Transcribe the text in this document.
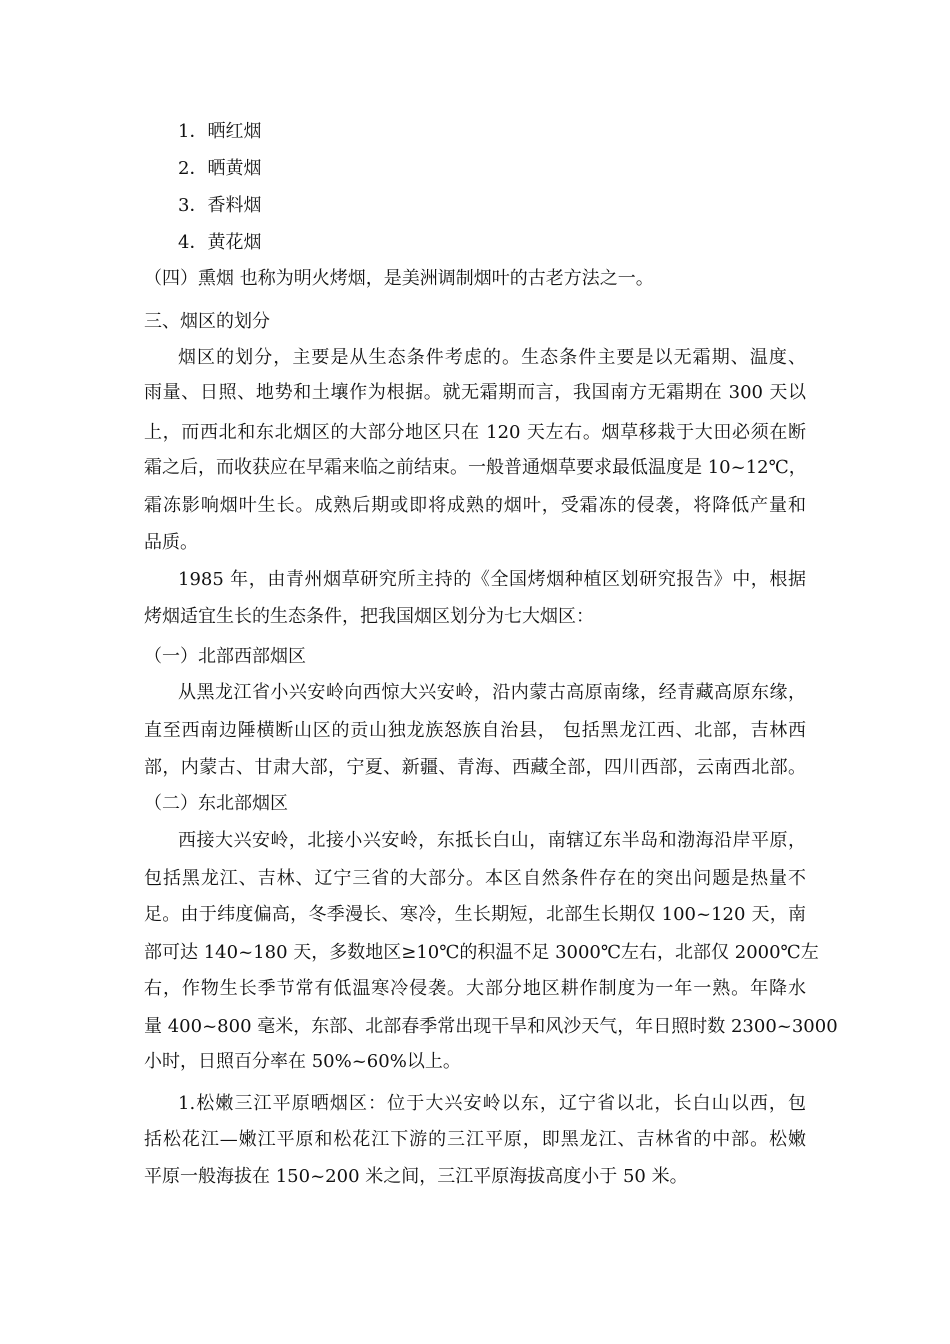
1．晒红烟
2．晒黄烟
3．香料烟
4．黄花烟
（四）熏烟 也称为明火烤烟，是美洲调制烟叶的古老方法之一。
三、烟区的划分
烟区的划分，主要是从生态条件考虑的。生态条件主要是以无霜期、温度、
雨量、日照、地势和土壤作为根据。就无霜期而言，我国南方无霜期在 300 天以
上，而西北和东北烟区的大部分地区只在 120 天左右。烟草移栽于大田必须在断
霜之后，而收获应在早霜来临之前结束。一般普通烟草要求最低温度是 10~12℃，
霜冻影响烟叶生长。成熟后期或即将成熟的烟叶，受霜冻的侵袭，将降低产量和
品质。
1985 年，由青州烟草研究所主持的《全国烤烟种植区划研究报告》中，根据
烤烟适宜生长的生态条件，把我国烟区划分为七大烟区：
（一）北部西部烟区
从黑龙江省小兴安岭向西惊大兴安岭，沿内蒙古高原南缘，经青藏高原东缘，
直至西南边陲横断山区的贡山独龙族怒族自治县， 包括黑龙江西、北部，吉林西
部，内蒙古、甘肃大部，宁夏、新疆、青海、西藏全部，四川西部，云南西北部。
（二）东北部烟区
西接大兴安岭，北接小兴安岭，东抵长白山，南辖辽东半岛和渤海沿岸平原，
包括黑龙江、吉林、辽宁三省的大部分。本区自然条件存在的突出问题是热量不
足。由于纬度偏高，冬季漫长、寒冷，生长期短，北部生长期仅 100~120 天，南
部可达 140~180 天，多数地区≥10℃的积温不足 3000℃左右，北部仅 2000℃左
右，作物生长季节常有低温寒冷侵袭。大部分地区耕作制度为一年一熟。年降水
量 400~800 毫米，东部、北部春季常出现干旱和风沙天气，年日照时数 2300~3000
小时，日照百分率在 50%~60%以上。
1.松嫩三江平原晒烟区：位于大兴安岭以东，辽宁省以北，长白山以西，包
括松花江—嫩江平原和松花江下游的三江平原，即黑龙江、吉林省的中部。松嫩
平原一般海拔在 150~200 米之间，三江平原海拔高度小于 50 米。
